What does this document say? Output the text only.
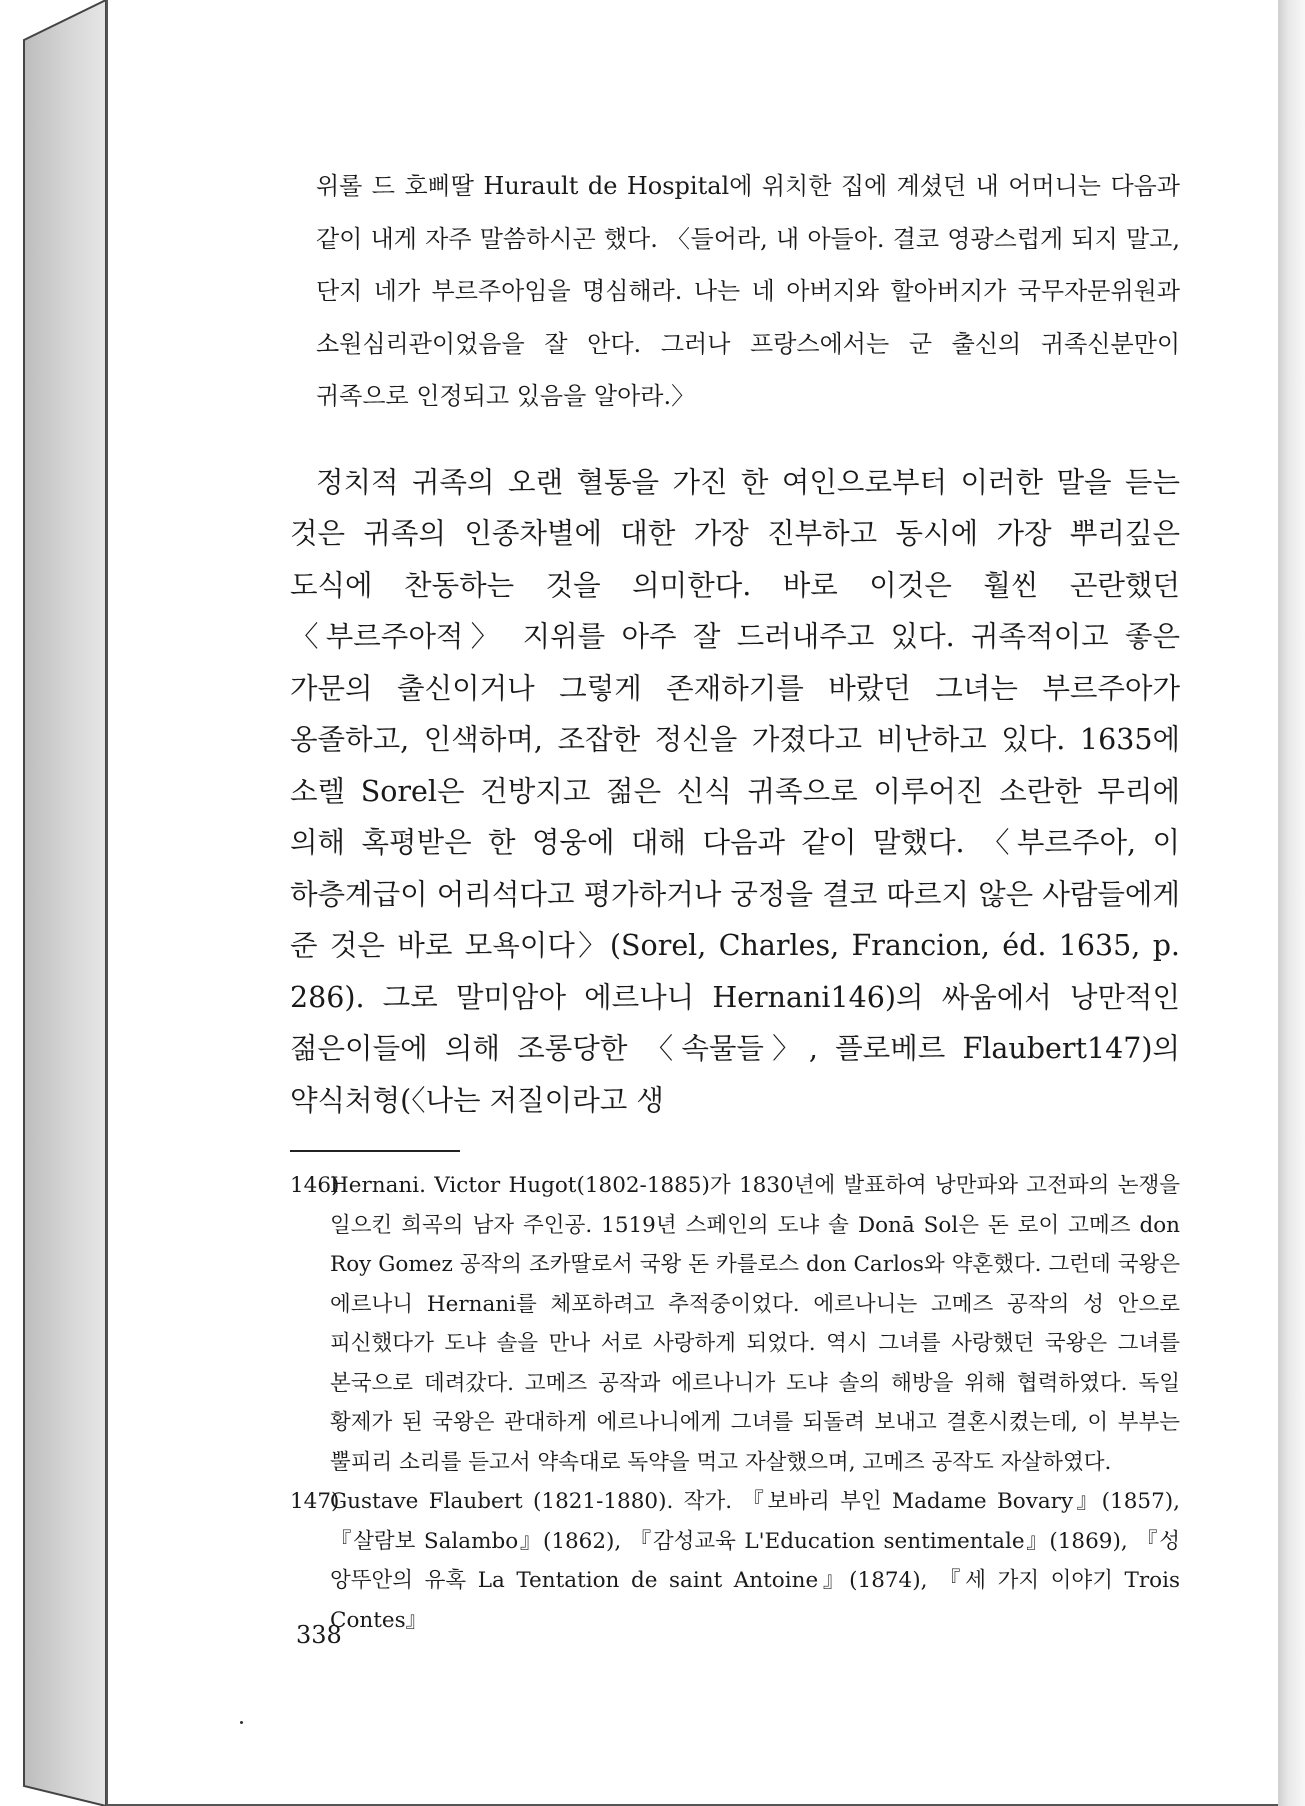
위롤 드 호삐딸 Hurault de Hospital에 위치한 집에 계셨던 내 어머니는 다음과 같이 내게 자주 말씀하시곤 했다. 〈들어라, 내 아들아. 결코 영광스럽게 되지 말고, 단지 네가 부르주아임을 명심해라. 나는 네 아버지와 할아버지가 국무자문위원과 소원심리관이었음을 잘 안다. 그러나 프랑스에서는 군 출신의 귀족신분만이 귀족으로 인정되고 있음을 알아라.〉

정치적 귀족의 오랜 혈통을 가진 한 여인으로부터 이러한 말을 듣는 것은 귀족의 인종차별에 대한 가장 진부하고 동시에 가장 뿌리깊은 도식에 찬동하는 것을 의미한다. 바로 이것은 훨씬 곤란했던 〈부르주아적〉 지위를 아주 잘 드러내주고 있다. 귀족적이고 좋은 가문의 출신이거나 그렇게 존재하기를 바랐던 그녀는 부르주아가 옹졸하고, 인색하며, 조잡한 정신을 가졌다고 비난하고 있다. 1635에 소렐 Sorel은 건방지고 젊은 신식 귀족으로 이루어진 소란한 무리에 의해 혹평받은 한 영웅에 대해 다음과 같이 말했다. 〈부르주아, 이 하층계급이 어리석다고 평가하거나 궁정을 결코 따르지 않은 사람들에게 준 것은 바로 모욕이다〉(Sorel, Charles, Francion, éd. 1635, p. 286). 그로 말미암아 에르나니 Hernani146)의 싸움에서 낭만적인 젊은이들에 의해 조롱당한 〈속물들〉, 플로베르 Flaubert147)의 약식처형(〈나는 저질이라고 생

146)
Hernani. Victor Hugot(1802-1885)가 1830년에 발표하여 낭만파와 고전파의 논쟁을 일으킨 희곡의 남자 주인공. 1519년 스페인의 도냐 솔 Donā Sol은 돈 로이 고메즈 don Roy Gomez 공작의 조카딸로서 국왕 돈 카를로스 don Carlos와 약혼했다. 그런데 국왕은 에르나니 Hernani를 체포하려고 추적중이었다. 에르나니는 고메즈 공작의 성 안으로 피신했다가 도냐 솔을 만나 서로 사랑하게 되었다. 역시 그녀를 사랑했던 국왕은 그녀를 본국으로 데려갔다. 고메즈 공작과 에르나니가 도냐 솔의 해방을 위해 협력하였다. 독일 황제가 된 국왕은 관대하게 에르나니에게 그녀를 되돌려 보내고 결혼시켰는데, 이 부부는 뿔피리 소리를 듣고서 약속대로 독약을 먹고 자살했으며, 고메즈 공작도 자살하였다.
147)
Gustave Flaubert (1821-1880). 작가. 『보바리 부인 Madame Bovary』(1857), 『살람보 Salambo』(1862), 『감성교육 L'Education sentimentale』(1869), 『성 앙뚜안의 유혹 La Tentation de saint Antoine』(1874), 『세 가지 이야기 Trois Contes』
338
